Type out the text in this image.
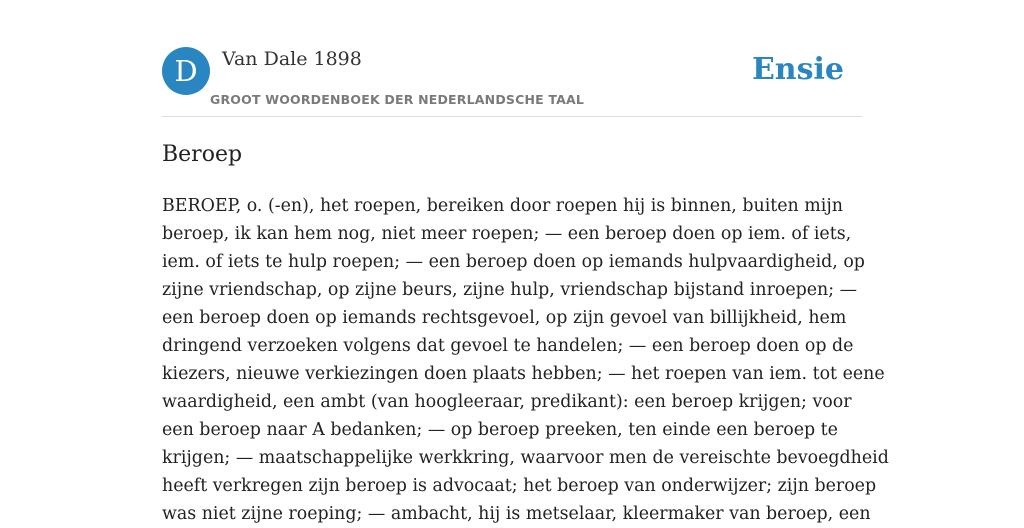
D	Van Dale 1898
GROOT WOORDENBOEK DER NEDERLANDSCHE TAAL
Ensie
Beroep

BEROEP, o. (-en), het roepen, bereiken door roepen hij is binnen, buiten mijn
beroep, ik kan hem nog, niet meer roepen; — een beroep doen op iem. of iets,
iem. of iets te hulp roepen; — een beroep doen op iemands hulpvaardigheid, op
zijne vriendschap, op zijne beurs, zijne hulp, vriendschap bijstand inroepen; —
een beroep doen op iemands rechtsgevoel, op zijn gevoel van billijkheid, hem
dringend verzoeken volgens dat gevoel te handelen; — een beroep doen op de
kiezers, nieuwe verkiezingen doen plaats hebben; — het roepen van iem. tot eene
waardigheid, een ambt (van hoogleeraar, predikant): een beroep krijgen; voor
een beroep naar A bedanken; — op beroep preeken, ten einde een beroep te
krijgen; — maatschappelijke werkkring, waarvoor men de vereischte bevoegdheid
heeft verkregen zijn beroep is advocaat; het beroep van onderwijzer; zijn beroep
was niet zijne roeping; — ambacht, hij is metselaar, kleermaker van beroep, een
